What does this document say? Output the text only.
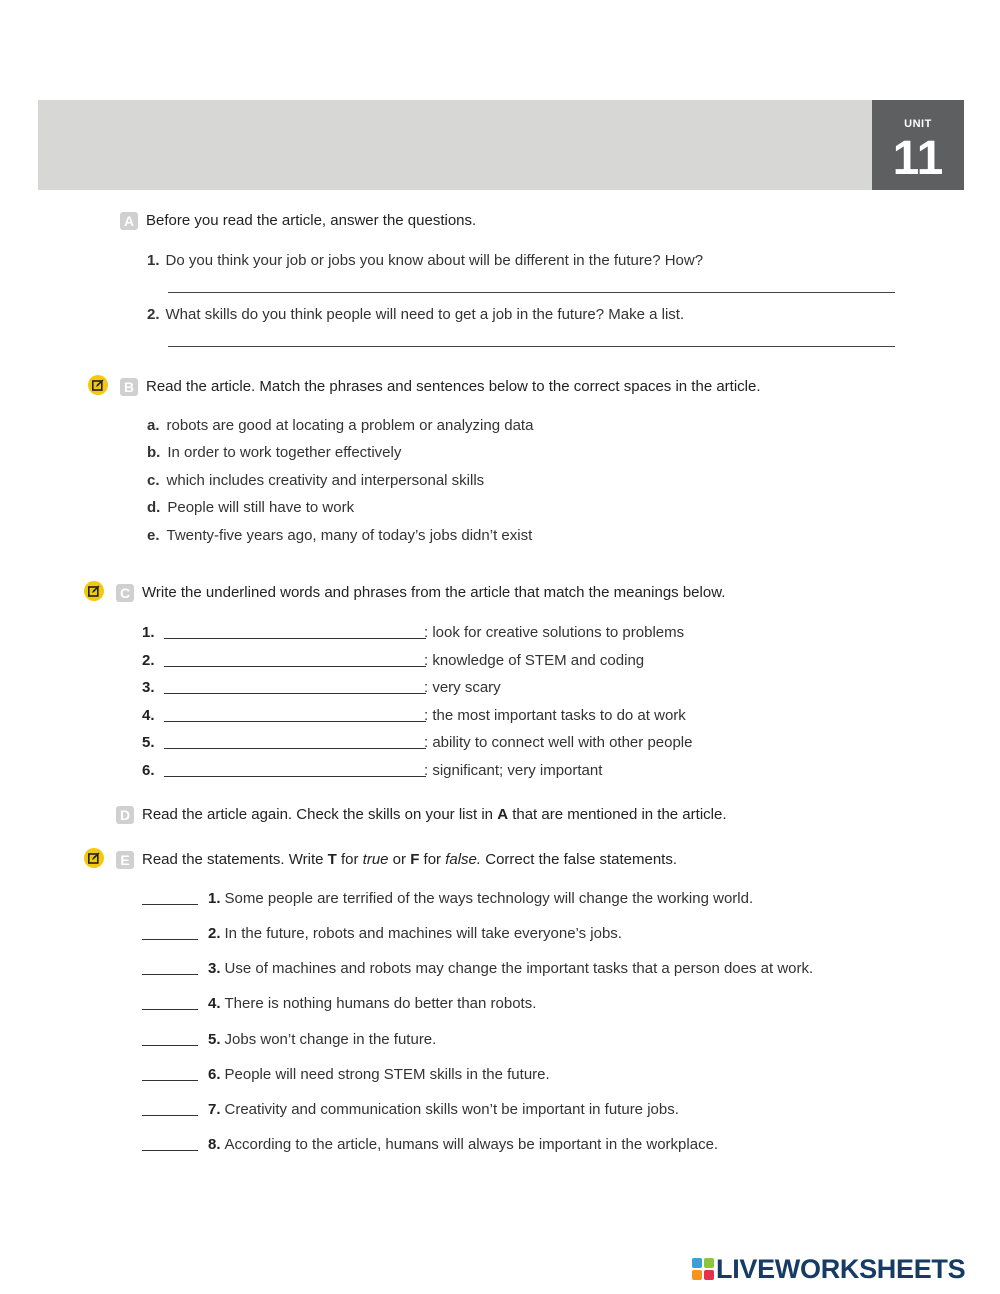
UNIT
11
A Before you read the article, answer the questions.
1. Do you think your job or jobs you know about will be different in the future? How?
2. What skills do you think people will need to get a job in the future? Make a list.
B Read the article. Match the phrases and sentences below to the correct spaces in the article.
a. robots are good at locating a problem or analyzing data
b. In order to work together effectively
c. which includes creativity and interpersonal skills
d. People will still have to work
e. Twenty-five years ago, many of today’s jobs didn’t exist
C Write the underlined words and phrases from the article that match the meanings below.
1.	: look for creative solutions to problems
2.	: knowledge of STEM and coding
3.	: very scary
4.	: the most important tasks to do at work
5.	: ability to connect well with other people
6.	: significant; very important
D Read the article again. Check the skills on your list in A that are mentioned in the article.
E Read the statements. Write T for true or F for false. Correct the false statements.
1. Some people are terrified of the ways technology will change the working world.
2. In the future, robots and machines will take everyone’s jobs.
3. Use of machines and robots may change the important tasks that a person does at work.
4. There is nothing humans do better than robots.
5. Jobs won’t change in the future.
6. People will need strong STEM skills in the future.
7. Creativity and communication skills won’t be important in future jobs.
8. According to the article, humans will always be important in the workplace.
LIVEWORKSHEETS
